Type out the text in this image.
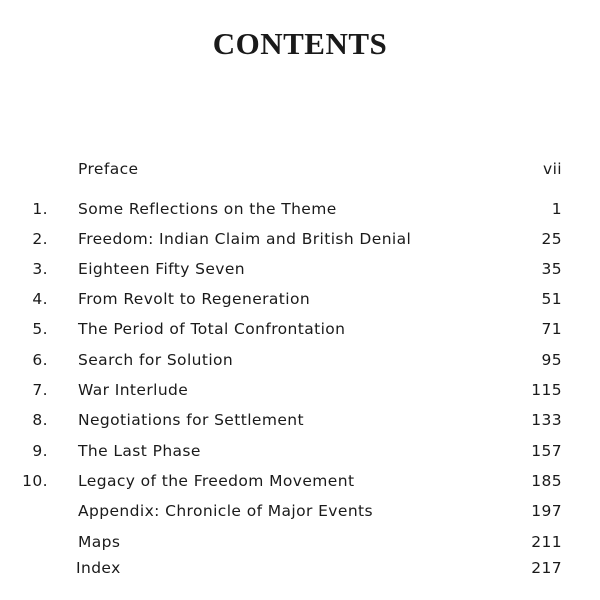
CONTENTS
Preface	vii
1. Some Reflections on the Theme	1
2. Freedom: Indian Claim and British Denial	25
3. Eighteen Fifty Seven	35
4. From Revolt to Regeneration	51
5. The Period of Total Confrontation	71
6. Search for Solution	95
7. War Interlude	115
8. Negotiations for Settlement	133
9. The Last Phase	157
10. Legacy of the Freedom Movement	185
Appendix: Chronicle of Major Events	197
Maps	211
Index	217
